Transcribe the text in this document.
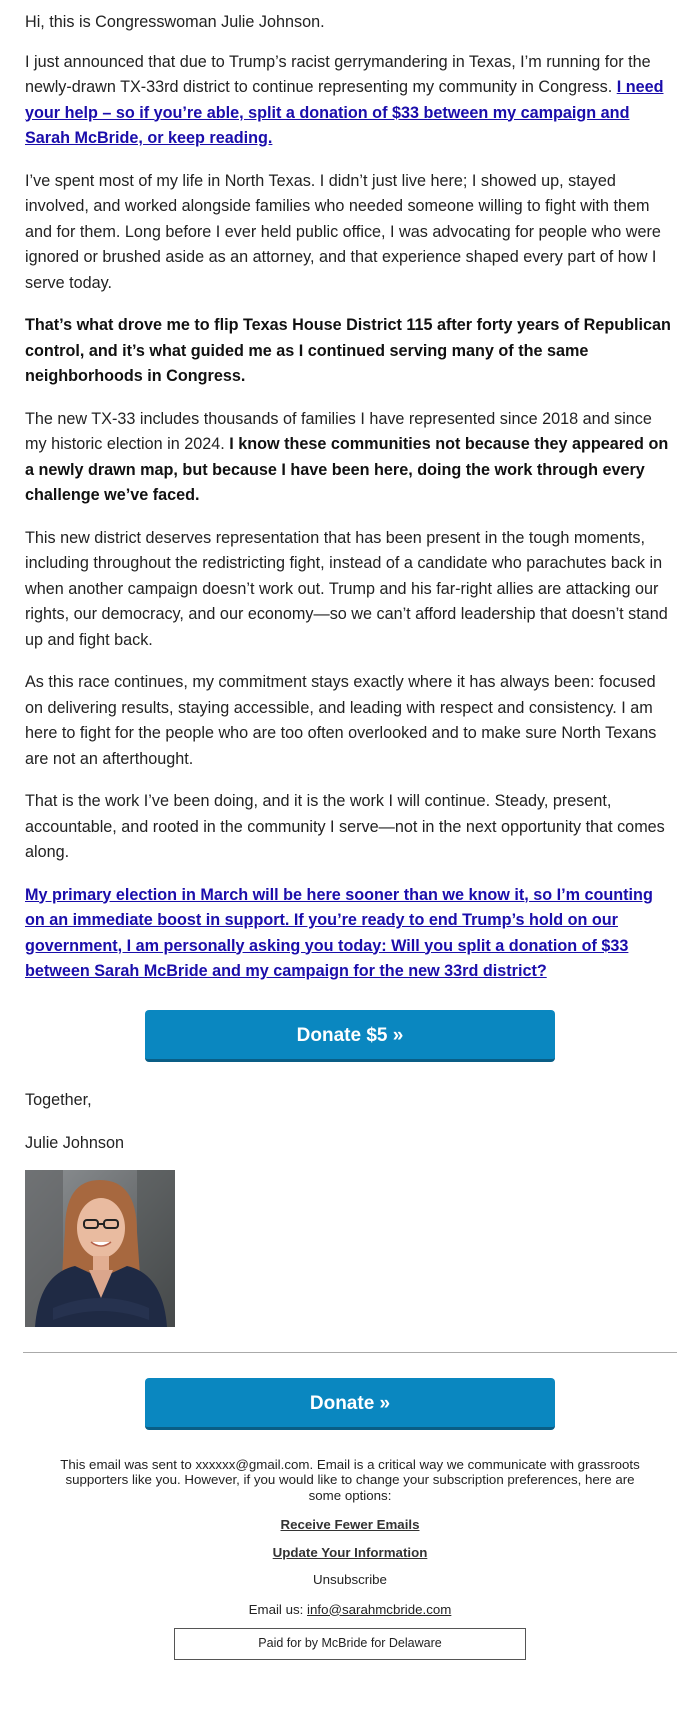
Hi, this is Congresswoman Julie Johnson.

I just announced that due to Trump’s racist gerrymandering in Texas, I’m running for the newly-drawn TX-33rd district to continue representing my community in Congress. I need your help – so if you’re able, split a donation of $33 between my campaign and Sarah McBride, or keep reading.

I’ve spent most of my life in North Texas. I didn’t just live here; I showed up, stayed involved, and worked alongside families who needed someone willing to fight with them and for them. Long before I ever held public office, I was advocating for people who were ignored or brushed aside as an attorney, and that experience shaped every part of how I serve today.

That’s what drove me to flip Texas House District 115 after forty years of Republican control, and it’s what guided me as I continued serving many of the same neighborhoods in Congress.

The new TX-33 includes thousands of families I have represented since 2018 and since my historic election in 2024. I know these communities not because they appeared on a newly drawn map, but because I have been here, doing the work through every challenge we’ve faced.

This new district deserves representation that has been present in the tough moments, including throughout the redistricting fight, instead of a candidate who parachutes back in when another campaign doesn’t work out. Trump and his far-right allies are attacking our rights, our democracy, and our economy—so we can’t afford leadership that doesn’t stand up and fight back.

As this race continues, my commitment stays exactly where it has always been: focused on delivering results, staying accessible, and leading with respect and consistency. I am here to fight for the people who are too often overlooked and to make sure North Texans are not an afterthought.

That is the work I’ve been doing, and it is the work I will continue. Steady, present, accountable, and rooted in the community I serve—not in the next opportunity that comes along.

My primary election in March will be here sooner than we know it, so I’m counting on an immediate boost in support. If you’re ready to end Trump’s hold on our government, I am personally asking you today: Will you split a donation of $33 between Sarah McBride and my campaign for the new 33rd district?

Donate $5 »

Together,

Julie Johnson

Donate »

This email was sent to xxxxxx@gmail.com. Email is a critical way we communicate with grassroots supporters like you. However, if you would like to change your subscription preferences, here are some options:

Receive Fewer Emails

Update Your Information

Unsubscribe

Email us: info@sarahmcbride.com

Paid for by McBride for Delaware
